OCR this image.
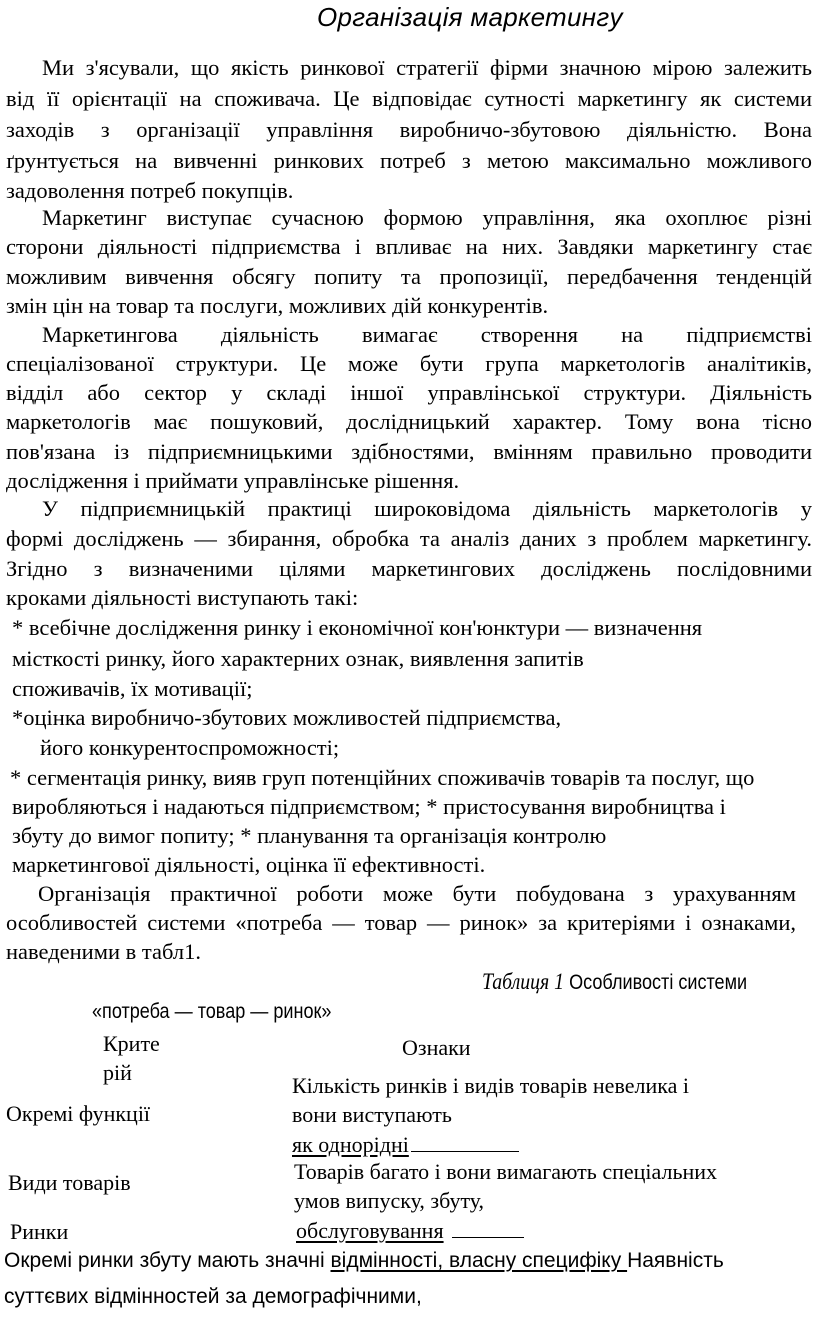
Організація маркетингу
Ми з'ясували, що якість ринкової стратегії фірми значною мірою залежить
від її орієнтації на споживача. Це відповідає сутності маркетингу як системи
заходів з організації управління виробничо-збутовою діяльністю. Вона
ґрунтується на вивченні ринкових потреб з метою максимально можливого
задоволення потреб покупців.
Маркетинг виступає сучасною формою управління, яка охоплює різні
сторони діяльності підприємства і впливає на них. Завдяки маркетингу стає
можливим вивчення обсягу попиту та пропозиції, передбачення тенденцій
змін цін на товар та послуги, можливих дій конкурентів.
Маркетингова діяльність вимагає створення на підприємстві
спеціалізованої структури. Це може бути група маркетологів аналітиків,
відділ або сектор у складі іншої управлінської структури. Діяльність
маркетологів має пошуковий, дослідницький характер. Тому вона тісно
пов'язана із підприємницькими здібностями, вмінням правильно проводити
дослідження і приймати управлінське рішення.
У підприємницькій практиці широковідома діяльність маркетологів у
формі досліджень — збирання, обробка та аналіз даних з проблем маркетингу.
Згідно з визначеними цілями маркетингових досліджень послідовними
кроками діяльності виступають такі:
* всебічне дослідження ринку і економічної кон'юнктури — визначення
місткості ринку, його характерних ознак, виявлення запитів
споживачів, їх мотивації;
*оцінка виробничо-збутових можливостей підприємства,
його конкурентоспроможності;
* сегментація ринку, вияв груп потенційних споживачів товарів та послуг, що
виробляються і надаються підприємством; * пристосування виробництва і
збуту до вимог попиту; * планування та організація контролю
маркетингової діяльності, оцінка її ефективності.
Організація практичної роботи може бути побудована з урахуванням
особливостей системи «потреба — товар — ринок» за критеріями і ознаками,
наведеними в табл1.
Таблиця 1 Особливості системи
«потреба — товар — ринок»
Крите
рій
Ознаки
Окремі функції
Кількість ринків і видів товарів невелика і
вони виступають
як однорідні
Види товарів	Товарів багато і вони вимагають спеціальних
умов випуску, збуту,
обслуговування
Ринки
Окремі ринки збуту мають значні відмінності, власну специфіку Наявність
суттєвих відмінностей за демографічними,
